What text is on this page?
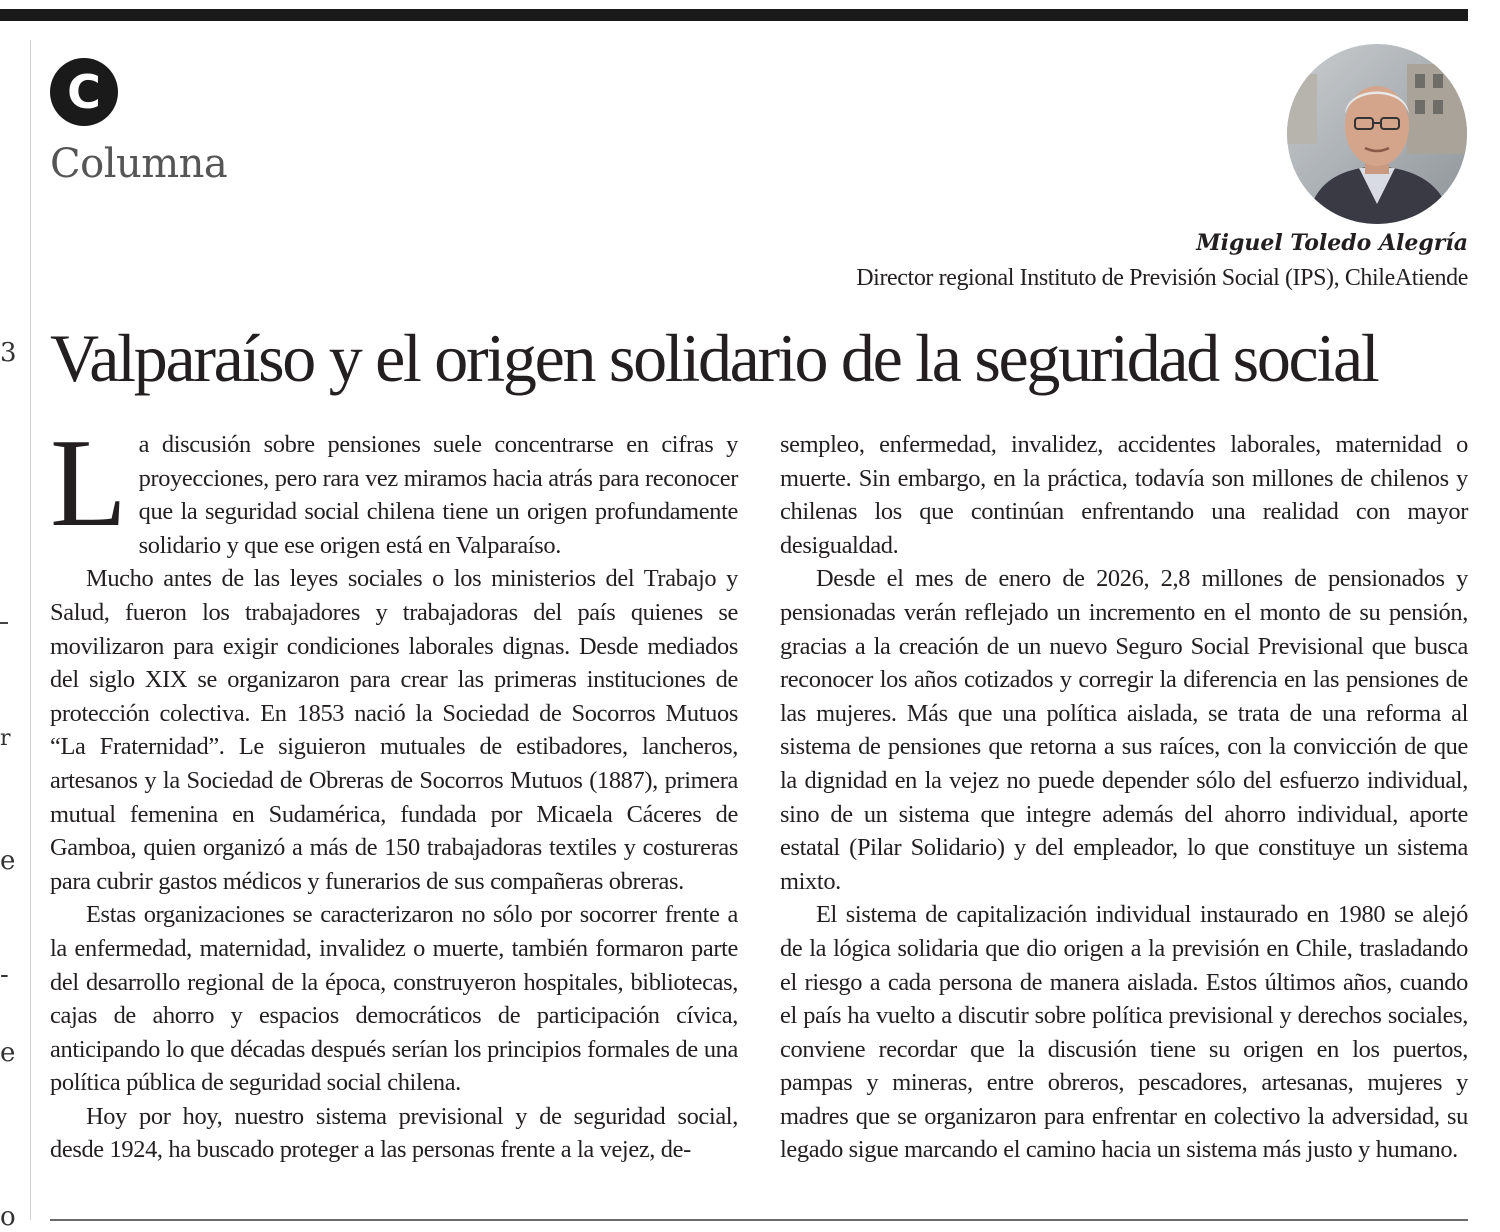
3
r
e
-
e
o
C
Columna
Miguel Toledo Alegría
Director regional Instituto de Previsión Social (IPS), ChileAtiende
Valparaíso y el origen solidario de la seguridad social

La discusión sobre pensiones suele concentrarse en cifras y proyecciones, pero rara vez miramos hacia atrás para reconocer que la seguridad social chilena tiene un origen profundamente solidario y que ese origen está en Valparaíso.

Mucho antes de las leyes sociales o los ministerios del Trabajo y Salud, fueron los trabajadores y trabajadoras del país quienes se movilizaron para exigir condiciones laborales dignas. Desde mediados del siglo XIX se organizaron para crear las primeras instituciones de protección colectiva. En 1853 nació la Sociedad de Socorros Mutuos “La Fraternidad”. Le siguieron mutuales de estibadores, lancheros, artesanos y la Sociedad de Obreras de Socorros Mutuos (1887), primera mutual femenina en Sudamérica, fundada por Micaela Cáceres de Gamboa, quien organizó a más de 150 trabajadoras textiles y costureras para cubrir gastos médicos y funerarios de sus compañeras obreras.

Estas organizaciones se caracterizaron no sólo por socorrer frente a la enfermedad, maternidad, invalidez o muerte, también formaron parte del desarrollo regional de la época, construyeron hospitales, bibliotecas, cajas de ahorro y espacios democráticos de participación cívica, anticipando lo que décadas después serían los principios formales de una política pública de seguridad social chilena.

Hoy por hoy, nuestro sistema previsional y de seguridad social, desde 1924, ha buscado proteger a las personas frente a la vejez, de-

sempleo, enfermedad, invalidez, accidentes laborales, maternidad o muerte. Sin embargo, en la práctica, todavía son millones de chilenos y chilenas los que continúan enfrentando una realidad con mayor desigualdad.

Desde el mes de enero de 2026, 2,8 millones de pensionados y pensionadas verán reflejado un incremento en el monto de su pensión, gracias a la creación de un nuevo Seguro Social Previsional que busca reconocer los años cotizados y corregir la diferencia en las pensiones de las mujeres. Más que una política aislada, se trata de una reforma al sistema de pensiones que retorna a sus raíces, con la convicción de que la dignidad en la vejez no puede depender sólo del esfuerzo individual, sino de un sistema que integre además del ahorro individual, aporte estatal (Pilar Solidario) y del empleador, lo que constituye un sistema mixto.

El sistema de capitalización individual instaurado en 1980 se alejó de la lógica solidaria que dio origen a la previsión en Chile, trasladando el riesgo a cada persona de manera aislada. Estos últimos años, cuando el país ha vuelto a discutir sobre política previsional y derechos sociales, conviene recordar que la discusión tiene su origen en los puertos, pampas y mineras, entre obreros, pescadores, artesanas, mujeres y madres que se organizaron para enfrentar en colectivo la adversidad, su legado sigue marcando el camino hacia un sistema más justo y humano.
